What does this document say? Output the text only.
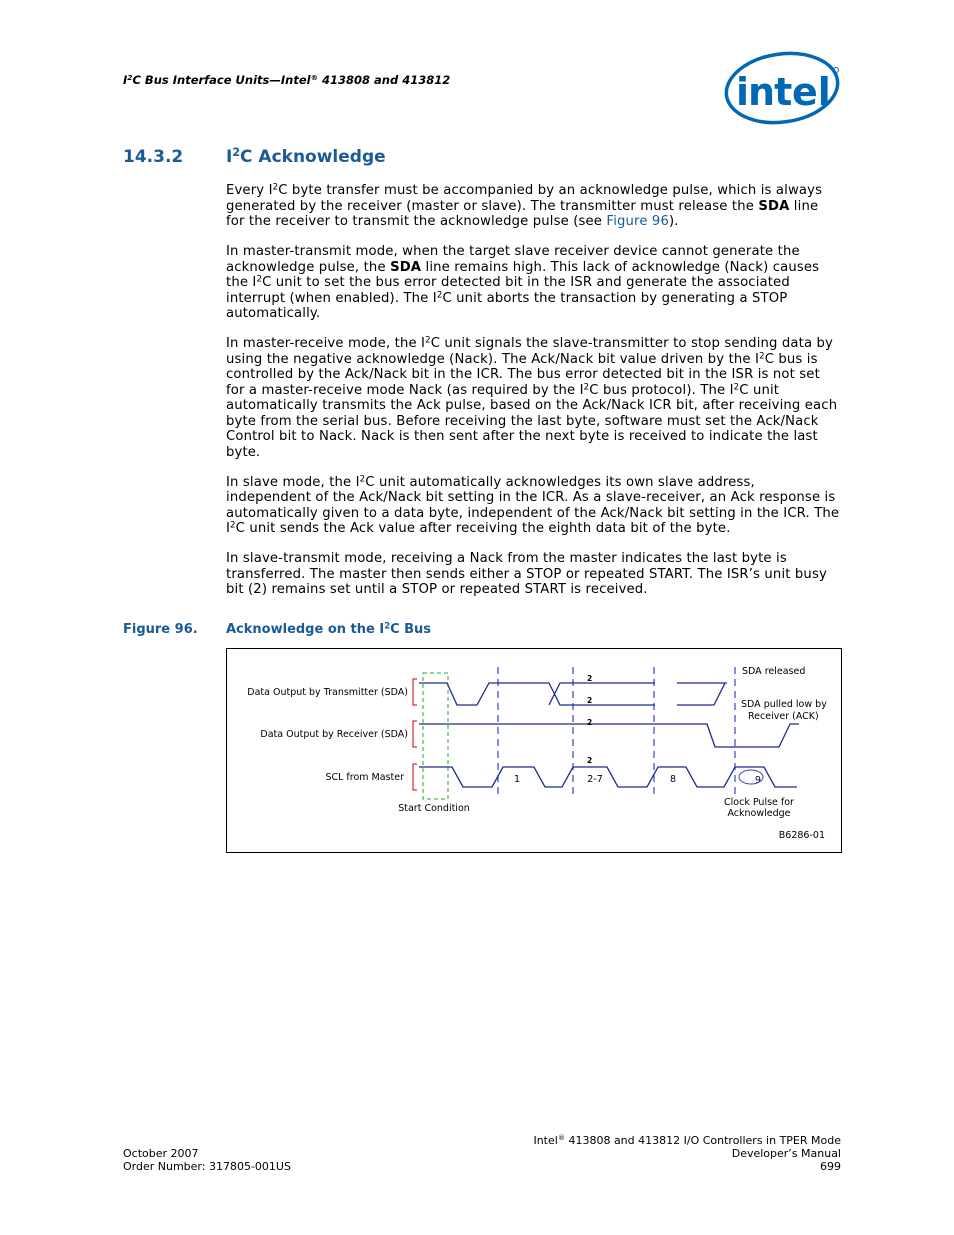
$I^2C$ Bus Interface Units—Intel® 413808 and 413812	int el
14.3.2	$I^2C$ Acknowledge

Every $I^2C$ byte transfer must be accompanied by an acknowledge pulse, which is always generated by the receiver (master or slave). The transmitter must release the SDA line for the receiver to transmit the acknowledge pulse (see Figure 96).

In master-transmit mode, when the target slave receiver device cannot generate the acknowledge pulse, the SDA line remains high. This lack of acknowledge (Nack) causes the $I^2C$ unit to set the bus error detected bit in the ISR and generate the associated interrupt (when enabled). The $I^2C$ unit aborts the transaction by generating a STOP automatically.

In master-receive mode, the $I^2C$ unit signals the slave-transmitter to stop sending data by using the negative acknowledge (Nack). The Ack/Nack bit value driven by the $I^2C$ bus is controlled by the Ack/Nack bit in the ICR. The bus error detected bit in the ISR is not set for a master-receive mode Nack (as required by the $I^2C$ bus protocol). The $I^2C$ unit automatically transmits the Ack pulse, based on the Ack/Nack ICR bit, after receiving each byte from the serial bus. Before receiving the last byte, software must set the Ack/Nack Control bit to Nack. Nack is then sent after the next byte is received to indicate the last byte.

In slave mode, the $I^2C$ unit automatically acknowledges its own slave address, independent of the Ack/Nack bit setting in the ICR. As a slave-receiver, an Ack response is automatically given to a data byte, independent of the Ack/Nack bit setting in the ICR. The $I^2C$ unit sends the Ack value after receiving the eighth data bit of the byte.

In slave-transmit mode, receiving a Nack from the master indicates the last byte is transferred. The master then sends either a STOP or repeated START. The ISR’s unit busy bit (2) remains set until a STOP or repeated START is received.

Figure 96. Acknowledge on the $I^2C$ Bus
Data Output by Transmitter (SDA)
Data Output by Receiver (SDA)
SCL from Master
2
2
2
2
1	2-7	8	9
SDA released
SDA pulled low by
Receiver (ACK)
Start Condition
Clock Pulse for
Acknowledge
B6286-01
October 2007
Order Number: 317805-001US
Intel® 413808 and 413812 I/O Controllers in TPER Mode
Developer’s Manual
699
